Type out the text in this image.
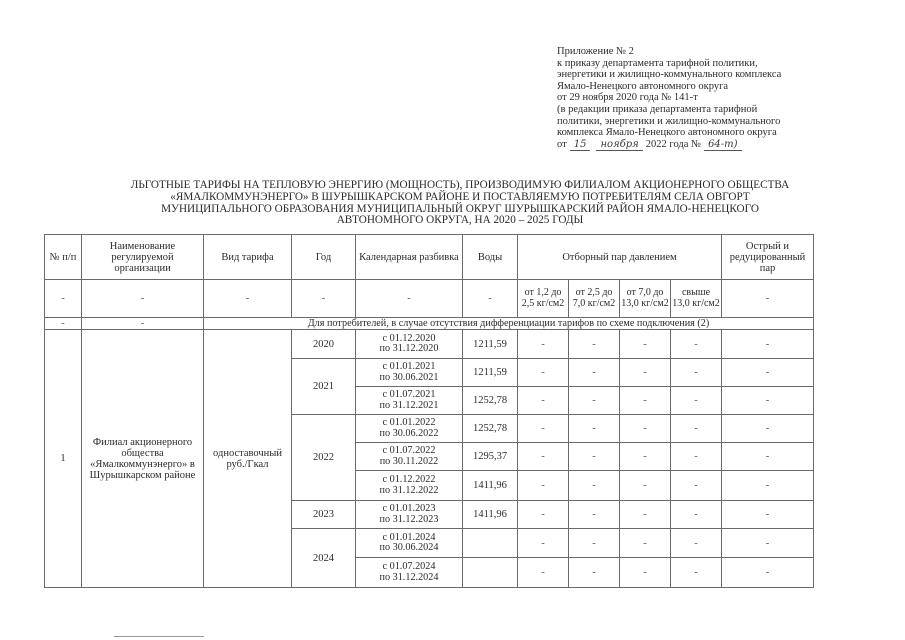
Приложение № 2
к приказу департамента тарифной политики,
энергетики и жилищно-коммунального комплекса
Ямало-Ненецкого автономного округа
от 29 ноября 2020 года № 141-т
(в редакции приказа департамента тарифной
политики, энергетики и жилищно-коммунального
комплекса Ямало-Ненецкого автономного округа
от 15	ноября 2022 года № 64-т)
ЛЬГОТНЫЕ ТАРИФЫ НА ТЕПЛОВУЮ ЭНЕРГИЮ (МОЩНОСТЬ), ПРОИЗВОДИМУЮ ФИЛИАЛОМ АКЦИОНЕРНОГО ОБЩЕСТВА
«ЯМАЛКОММУНЭНЕРГО» В ШУРЫШКАРСКОМ РАЙОНЕ И ПОСТАВЛЯЕМУЮ ПОТРЕБИТЕЛЯМ СЕЛА ОВГОРТ
МУНИЦИПАЛЬНОГО ОБРАЗОВАНИЯ МУНИЦИПАЛЬНЫЙ ОКРУГ ШУРЫШКАРСКИЙ РАЙОН ЯМАЛО-НЕНЕЦКОГО
АВТОНОМНОГО ОКРУГА, НА 2020 – 2025 ГОДЫ
№ п/п	Наименование регулируемой организации	Вид тарифа	Год	Календарная разбивка	Воды	Отборный пар давлением				Острый и редуцированный пар

-	-	-	-	-	-	от 1,2 до 2,5 кг/см2	от 2,5 до 7,0 кг/см2	от 7,0 до 13,0 кг/см2	свыше 13,0 кг/см2	-
-	-	Для потребителей, в случае отсутствия дифференциации тарифов по схеме подключения (2)								
1	Филиал акционерного общества «Ямалкоммунэнерго» в Шурышкарском районе	одноставочный руб./Гкал	2020	с 01.12.2020
по 31.12.2020	1211,59	-	-	-	-	-
			2021	с 01.01.2021
по 30.06.2021	1211,59	-	-	-	-	-

				с 01.07.2021
по 31.12.2021	1252,78	-	-	-	-	-
			2022	с 01.01.2022
по 30.06.2022	1252,78	-	-	-	-	-

				с 01.07.2022
по 30.11.2022	1295,37	-	-	-	-	-

				с 01.12.2022
по 31.12.2022	1411,96	-	-	-	-	-
			2023	с 01.01.2023
по 31.12.2023	1411,96	-	-	-	-	-
			2024	с 01.01.2024
по 30.06.2024		-	-	-	-	-

				с 01.07.2024
по 31.12.2024		-	-	-	-	-
